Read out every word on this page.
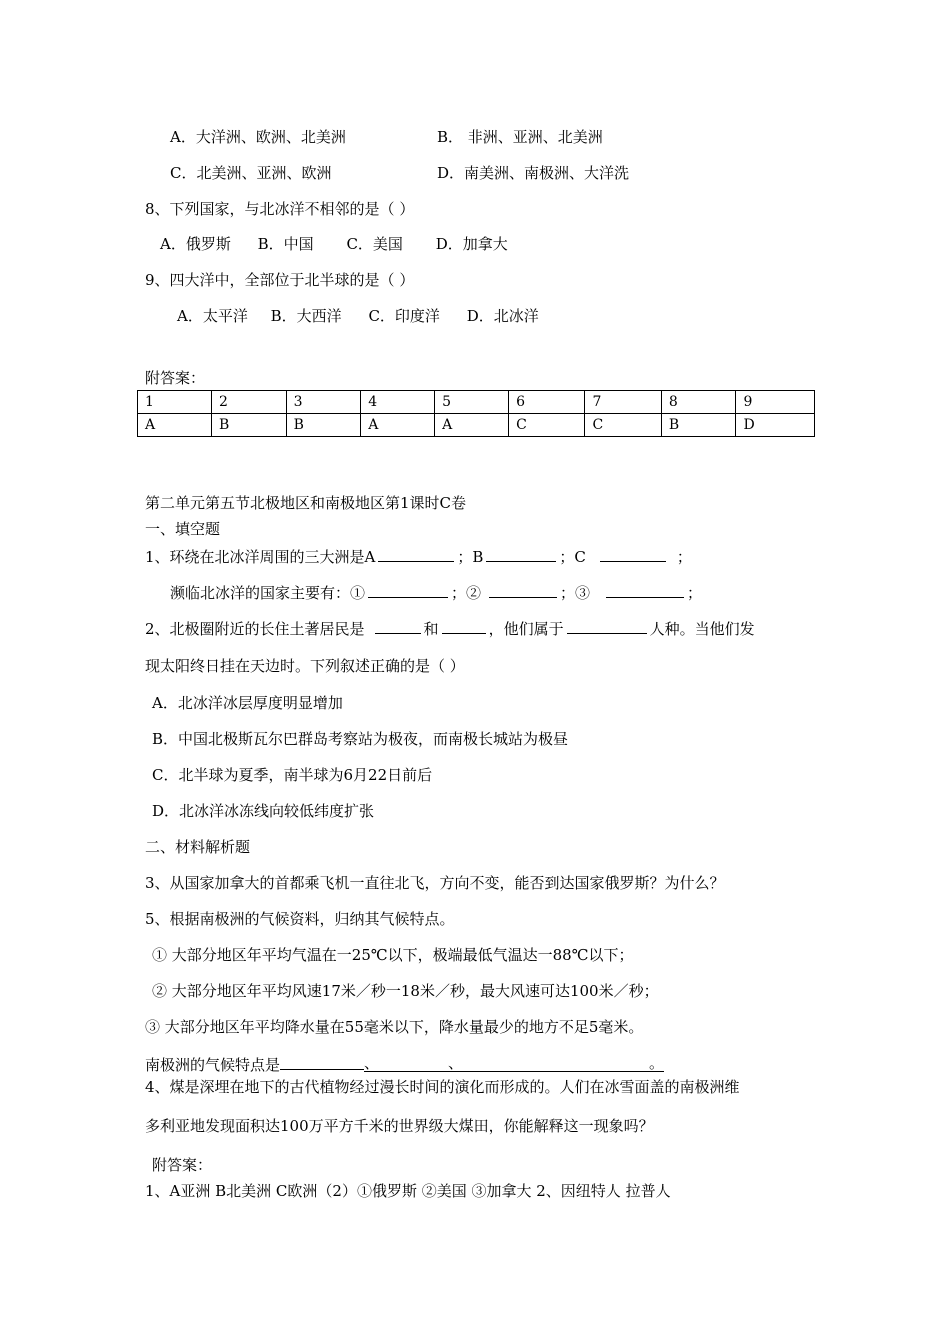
A．大洋洲、欧洲、北美洲	B． 非洲、亚洲、北美洲
C．北美洲、亚洲、欧洲	D．南美洲、南极洲、大洋洗
8、下列国家，与北冰洋不相邻的是（ ）
A．俄罗斯 B．中国 C．美国 D．加拿大
9、四大洋中，全部位于北半球的是（ ）
A．太平洋 B．大西洋 C．印度洋 D．北冰洋
附答案：
1	2	3	4	5	6	7	8	9
A	B	B	A	A	C	C	B	D
第二单元第五节北极地区和南极地区第1课时C卷
一、填空题
1、环绕在北冰洋周围的三大洲是A	；B	；C	；
濒临北冰洋的国家主要有：①	；②	；③	；
2、北极圈附近的长住土著居民是	和	，他们属于	人种。当他们发
现太阳终日挂在天边时。下列叙述正确的是（ ）
A．北冰洋冰层厚度明显增加
B．中国北极斯瓦尔巴群岛考察站为极夜，而南极长城站为极昼
C．北半球为夏季，南半球为6月22日前后
D．北冰洋冰冻线向较低纬度扩张
二、材料解析题
3、从国家加拿大的首都乘飞机一直往北飞，方向不变，能否到达国家俄罗斯？为什么？
5、根据南极洲的气候资料，归纳其气候特点。
① 大部分地区年平均气温在一25℃以下，极端最低气温达一88℃以下；
② 大部分地区年平均风速17米／秒一18米／秒，最大风速可达100米／秒；
③ 大部分地区年平均降水量在55毫米以下，降水量最少的地方不足5毫米。
南极洲的气候特点是	、	、	。
4、煤是深埋在地下的古代植物经过漫长时间的演化而形成的。人们在冰雪面盖的南极洲维
多利亚地发现面积达100万平方千米的世界级大煤田，你能解释这一现象吗？
附答案：
1、A亚洲 B北美洲 C欧洲（2）①俄罗斯 ②美国 ③加拿大 2、因纽特人 拉普人
